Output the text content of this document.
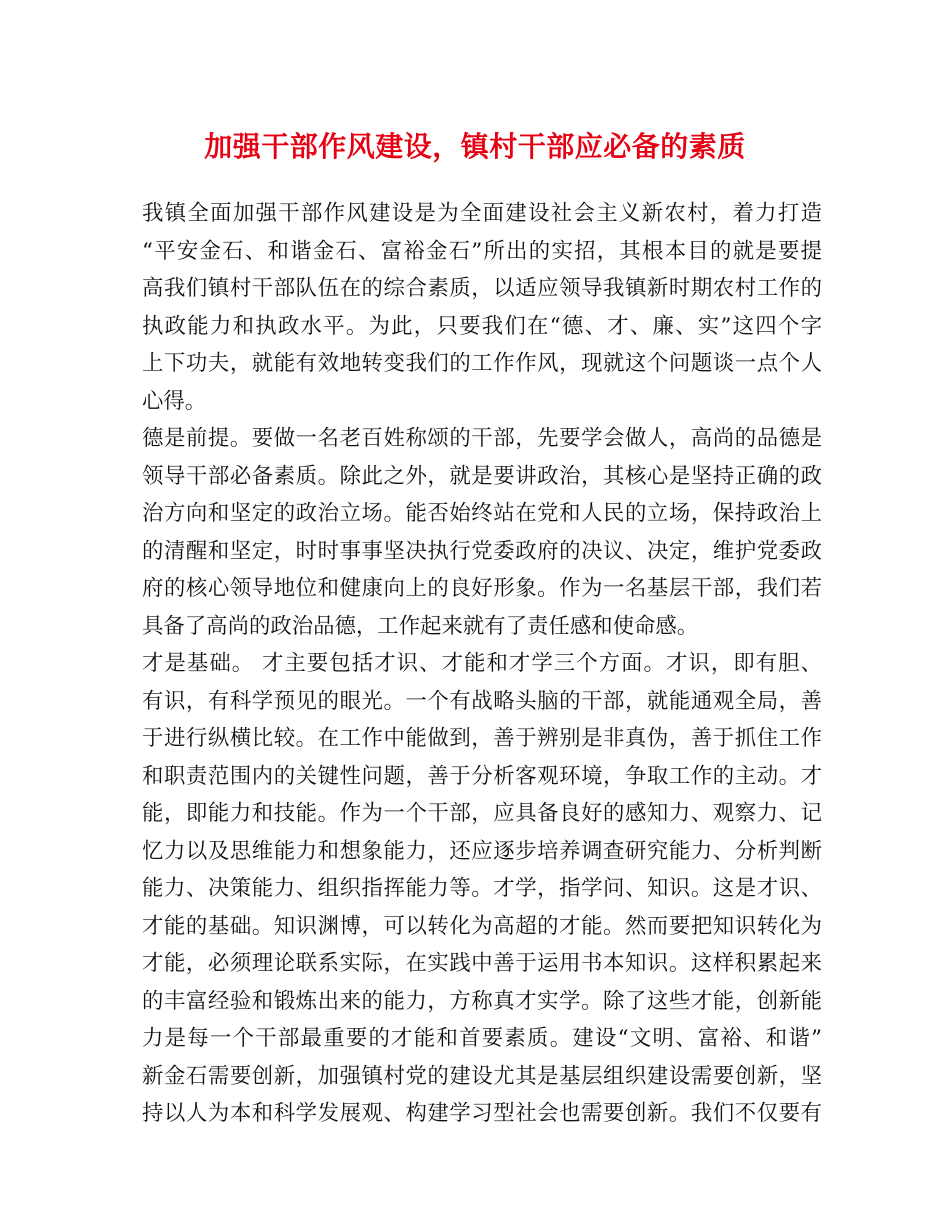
加强干部作风建设，镇村干部应必备的素质
我镇全面加强干部作风建设是为全面建设社会主义新农村，着力打造
“平安金石、和谐金石、富裕金石”所出的实招，其根本目的就是要提
高我们镇村干部队伍在的综合素质，以适应领导我镇新时期农村工作的
执政能力和执政水平。为此，只要我们在“德、才、廉、实”这四个字
上下功夫，就能有效地转变我们的工作作风，现就这个问题谈一点个人
心得。
德是前提。要做一名老百姓称颂的干部，先要学会做人，高尚的品德是
领导干部必备素质。除此之外，就是要讲政治，其核心是坚持正确的政
治方向和坚定的政治立场。能否始终站在党和人民的立场，保持政治上
的清醒和坚定，时时事事坚决执行党委政府的决议、决定，维护党委政
府的核心领导地位和健康向上的良好形象。作为一名基层干部，我们若
具备了高尚的政治品德，工作起来就有了责任感和使命感。
才是基础。 才主要包括才识、才能和才学三个方面。才识，即有胆、
有识，有科学预见的眼光。一个有战略头脑的干部，就能通观全局，善
于进行纵横比较。在工作中能做到，善于辨别是非真伪，善于抓住工作
和职责范围内的关键性问题，善于分析客观环境，争取工作的主动。才
能，即能力和技能。作为一个干部，应具备良好的感知力、观察力、记
忆力以及思维能力和想象能力，还应逐步培养调查研究能力、分析判断
能力、决策能力、组织指挥能力等。才学，指学问、知识。这是才识、
才能的基础。知识渊博，可以转化为高超的才能。然而要把知识转化为
才能，必须理论联系实际，在实践中善于运用书本知识。这样积累起来
的丰富经验和锻炼出来的能力，方称真才实学。除了这些才能，创新能
力是每一个干部最重要的才能和首要素质。建设“文明、富裕、和谐”
新金石需要创新，加强镇村党的建设尤其是基层组织建设需要创新，坚
持以人为本和科学发展观、构建学习型社会也需要创新。我们不仅要有
